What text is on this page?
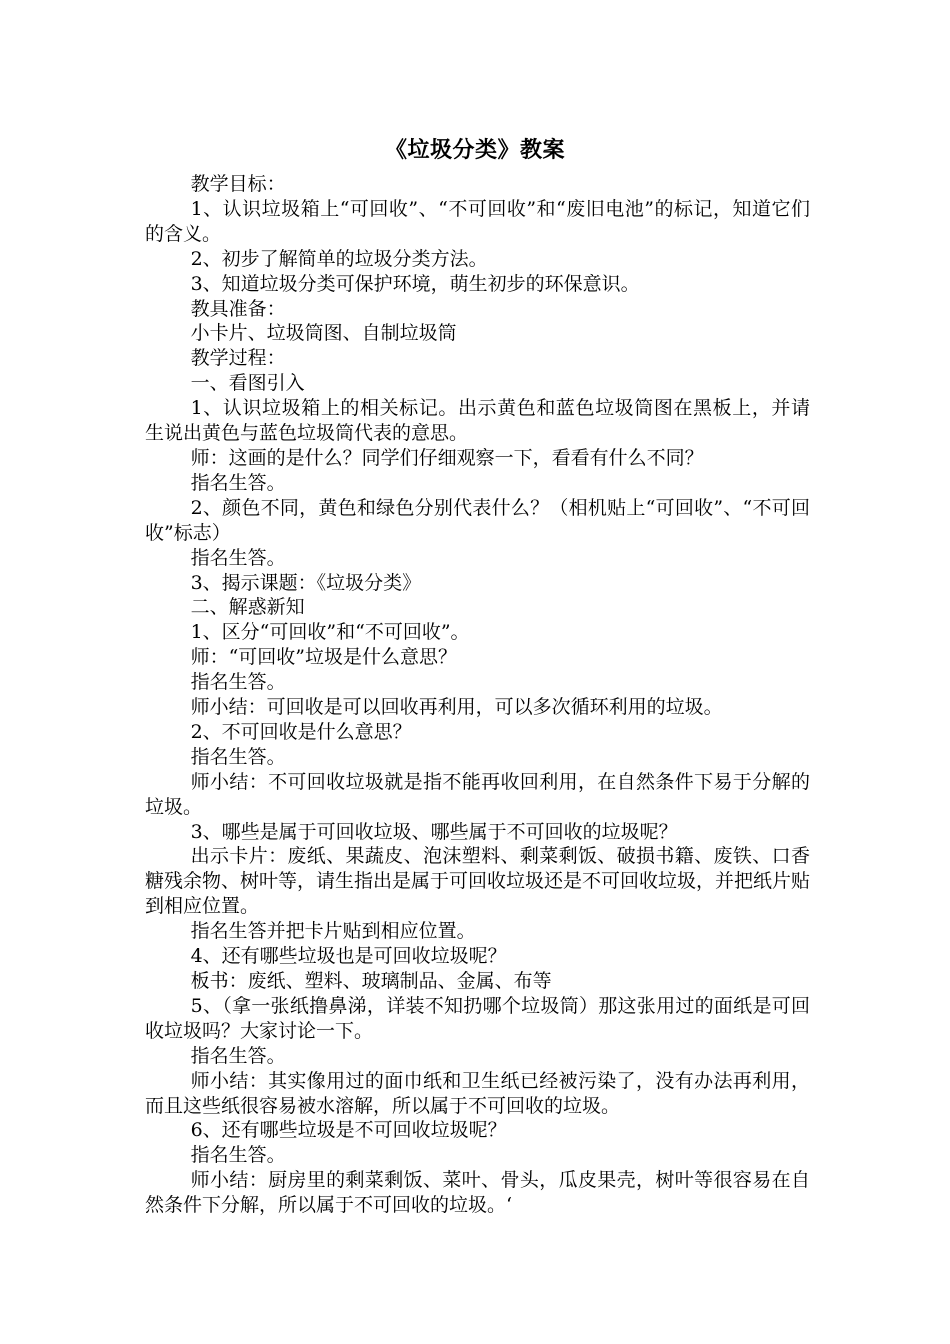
《垃圾分类》教案

教学目标：

1、认识垃圾箱上“可回收”、“不可回收”和“废旧电池”的标记，知道它们的含义。

2、初步了解简单的垃圾分类方法。

3、知道垃圾分类可保护环境，萌生初步的环保意识。

教具准备：

小卡片、垃圾筒图、自制垃圾筒

教学过程：

一、看图引入

1、认识垃圾箱上的相关标记。出示黄色和蓝色垃圾筒图在黑板上，并请生说出黄色与蓝色垃圾筒代表的意思。

师：这画的是什么？同学们仔细观察一下，看看有什么不同？

指名生答。

2、颜色不同，黄色和绿色分别代表什么？（相机贴上“可回收”、“不可回收”标志）

指名生答。

3、揭示课题：《垃圾分类》

二、解惑新知

1、区分“可回收”和“不可回收”。

师：“可回收”垃圾是什么意思？

指名生答。

师小结：可回收是可以回收再利用，可以多次循环利用的垃圾。

2、不可回收是什么意思？

指名生答。

师小结：不可回收垃圾就是指不能再收回利用，在自然条件下易于分解的垃圾。

3、哪些是属于可回收垃圾、哪些属于不可回收的垃圾呢？

出示卡片：废纸、果蔬皮、泡沫塑料、剩菜剩饭、破损书籍、废铁、口香糖残余物、树叶等，请生指出是属于可回收垃圾还是不可回收垃圾，并把纸片贴到相应位置。

指名生答并把卡片贴到相应位置。

4、还有哪些垃圾也是可回收垃圾呢？

板书：废纸、塑料、玻璃制品、金属、布等

5、（拿一张纸撸鼻涕，详装不知扔哪个垃圾筒）那这张用过的面纸是可回收垃圾吗？大家讨论一下。

指名生答。

师小结：其实像用过的面巾纸和卫生纸已经被污染了，没有办法再利用，而且这些纸很容易被水溶解，所以属于不可回收的垃圾。

6、还有哪些垃圾是不可回收垃圾呢？

指名生答。

师小结：厨房里的剩菜剩饭、菜叶、骨头，瓜皮果壳，树叶等很容易在自然条件下分解，所以属于不可回收的垃圾。‘
